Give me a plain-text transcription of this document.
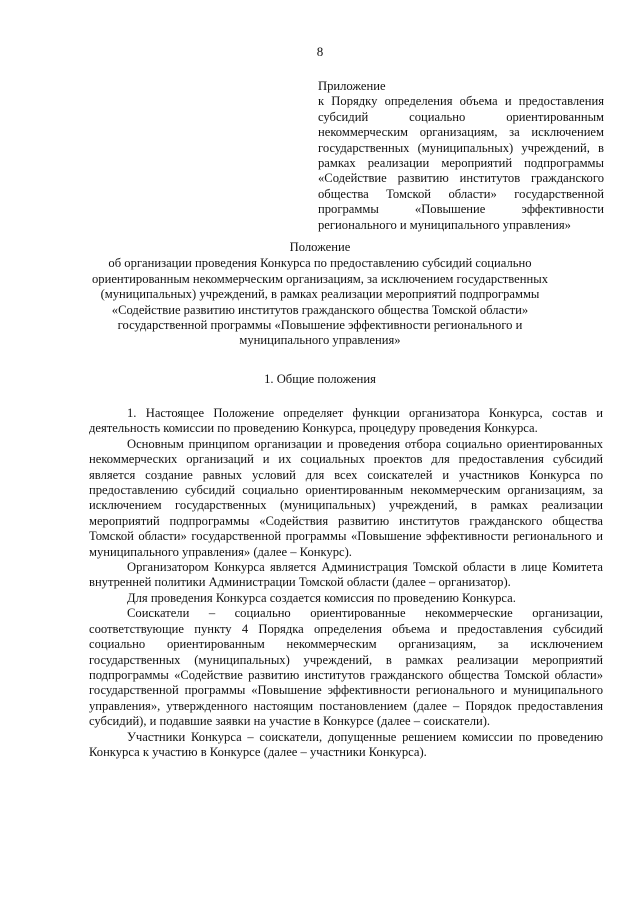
8
Приложение
к Порядку определения объема и предоставления субсидий социально ориентированным некоммерческим организациям, за исключением государственных (муниципальных) учреждений, в рамках реализации мероприятий подпрограммы «Содействие развитию институтов гражданского общества Томской области» государственной программы «Повышение эффективности регионального и муниципального управления»
Положение
об организации проведения Конкурса по предоставлению субсидий социально ориентированным некоммерческим организациям, за исключением государственных (муниципальных) учреждений, в рамках реализации мероприятий подпрограммы «Содействие развитию институтов гражданского общества Томской области» государственной программы «Повышение эффективности регионального и муниципального управления»
1. Общие положения

1. Настоящее Положение определяет функции организатора Конкурса, состав и деятельность комиссии по проведению Конкурса, процедуру проведения Конкурса.

Основным принципом организации и проведения отбора социально ориентированных некоммерческих организаций и их социальных проектов для предоставления субсидий является создание равных условий для всех соискателей и участников Конкурса по предоставлению субсидий социально ориентированным некоммерческим организациям, за исключением государственных (муниципальных) учреждений, в рамках реализации мероприятий подпрограммы «Содействия развитию институтов гражданского общества Томской области» государственной программы «Повышение эффективности регионального и муниципального управления» (далее – Конкурс).

Организатором Конкурса является Администрация Томской области в лице Комитета внутренней политики Администрации Томской области (далее – организатор).

Для проведения Конкурса создается комиссия по проведению Конкурса.

Соискатели – социально ориентированные некоммерческие организации, соответствующие пункту 4 Порядка определения объема и предоставления субсидий социально ориентированным некоммерческим организациям, за исключением государственных (муниципальных) учреждений, в рамках реализации мероприятий подпрограммы «Содействие развитию институтов гражданского общества Томской области» государственной программы «Повышение эффективности регионального и муниципального управления», утвержденного настоящим постановлением (далее – Порядок предоставления субсидий), и подавшие заявки на участие в Конкурсе (далее – соискатели).

Участники Конкурса – соискатели, допущенные решением комиссии по проведению Конкурса к участию в Конкурсе (далее – участники Конкурса).
